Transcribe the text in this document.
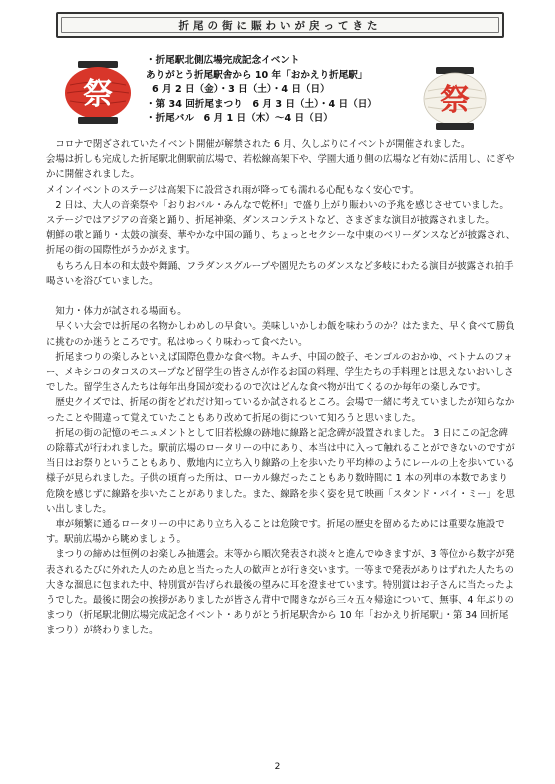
折尾の街に賑わいが戻ってきた
祭	祭
・折尾駅北側広場完成記念イベント
ありがとう折尾駅舎から 10 年「おかえり折尾駅」
6 月 2 日（金）・3 日（土）・4 日（日）
・第 34 回折尾まつり　6 月 3 日（土）・4 日（日）
・折尾バル　6 月 1 日（木）～4 日（日）

　コロナで閉ざされていたイベント開催が解禁された 6 月、久しぶりにイベントが開催されました。

会場は折しも完成した折尾駅北側駅前広場で、若松線高架下や、学園大通り側の広場など有効に活用し、にぎやかに開催されました。

メインイベントのステージは高架下に設営され雨が降っても濡れる心配もなく安心です。

　2 日は、大人の音楽祭や「おりおバル・みんなで乾杯!」で盛り上がり賑わいの予兆を感じさせていました。

ステージではアジアの音楽と踊り、折尾神楽、ダンスコンテストなど、さまざまな演目が披露されました。

朝鮮の歌と踊り・太鼓の演奏、華やかな中国の踊り、ちょっとセクシーな中東のベリーダンスなどが披露され、折尾の街の国際性がうかがえます。

　もちろん日本の和太鼓や舞踊、フラダンスグループや園児たちのダンスなど多岐にわたる演目が披露され拍手喝さいを浴びていました。

　知力・体力が試される場面も。

　早くい大会では折尾の名物かしわめしの早食い。美味しいかしわ飯を味わうのか？はたまた、早く食べて勝負に挑むのか迷うところです。私はゆっくり味わって食べたい。

　折尾まつりの楽しみといえば国際色豊かな食べ物。キムチ、中国の餃子、モンゴルのおかゆ、ベトナムのフォー、メキシコのタコスのスープなど留学生の皆さんが作るお国の料理、学生たちの手料理とは思えないおいしさでした。留学生さんたちは毎年出身国が変わるので次はどんな食べ物が出てくるのか毎年の楽しみです。

　歴史クイズでは、折尾の街をどれだけ知っているか試されるところ。会場で一緒に考えていましたが知らなかったことや間違って覚えていたこともあり改めて折尾の街について知ろうと思いました。

　折尾の街の記憶のモニュメントとして旧若松線の跡地に線路と記念碑が設置されました。 3 日にこの記念碑の除幕式が行われました。駅前広場のロータリーの中にあり、本当は中に入って触れることができないのですが当日はお祭りということもあり、敷地内に立ち入り線路の上を歩いたり平均棒のようにレールの上を歩いている様子が見られました。子供の頃育った所は、ローカル線だったこともあり数時間に 1 本の列車の本数であまり危険を感じずに線路を歩いたことがありました。また、線路を歩く姿を見て映画「スタンド・バイ・ミー」を思い出しました。

　車が頻繁に通るロータリーの中にあり立ち入ることは危険です。折尾の歴史を留めるためには重要な施設です。駅前広場から眺めましょう。

　まつりの締めは恒例のお楽しみ抽選会。末等から順次発表され淡々と進んでゆきますが、3 等位から数字が発表されるたびに外れた人のため息と当たった人の歓声とが行き交います。一等まで発表がありはずれた人たちの大きな溜息に包まれた中、特別賞が告げられ最後の望みに耳を澄ませています。特別賞はお子さんに当たったようでした。最後に閉会の挨拶がありましたが皆さん背中で聞きながら三々五々帰途について、無事、4 年ぶりのまつり（折尾駅北側広場完成記念イベント・ありがとう折尾駅舎から 10 年「おかえり折尾駅」・第 34 回折尾まつり）が終わりました。

2
